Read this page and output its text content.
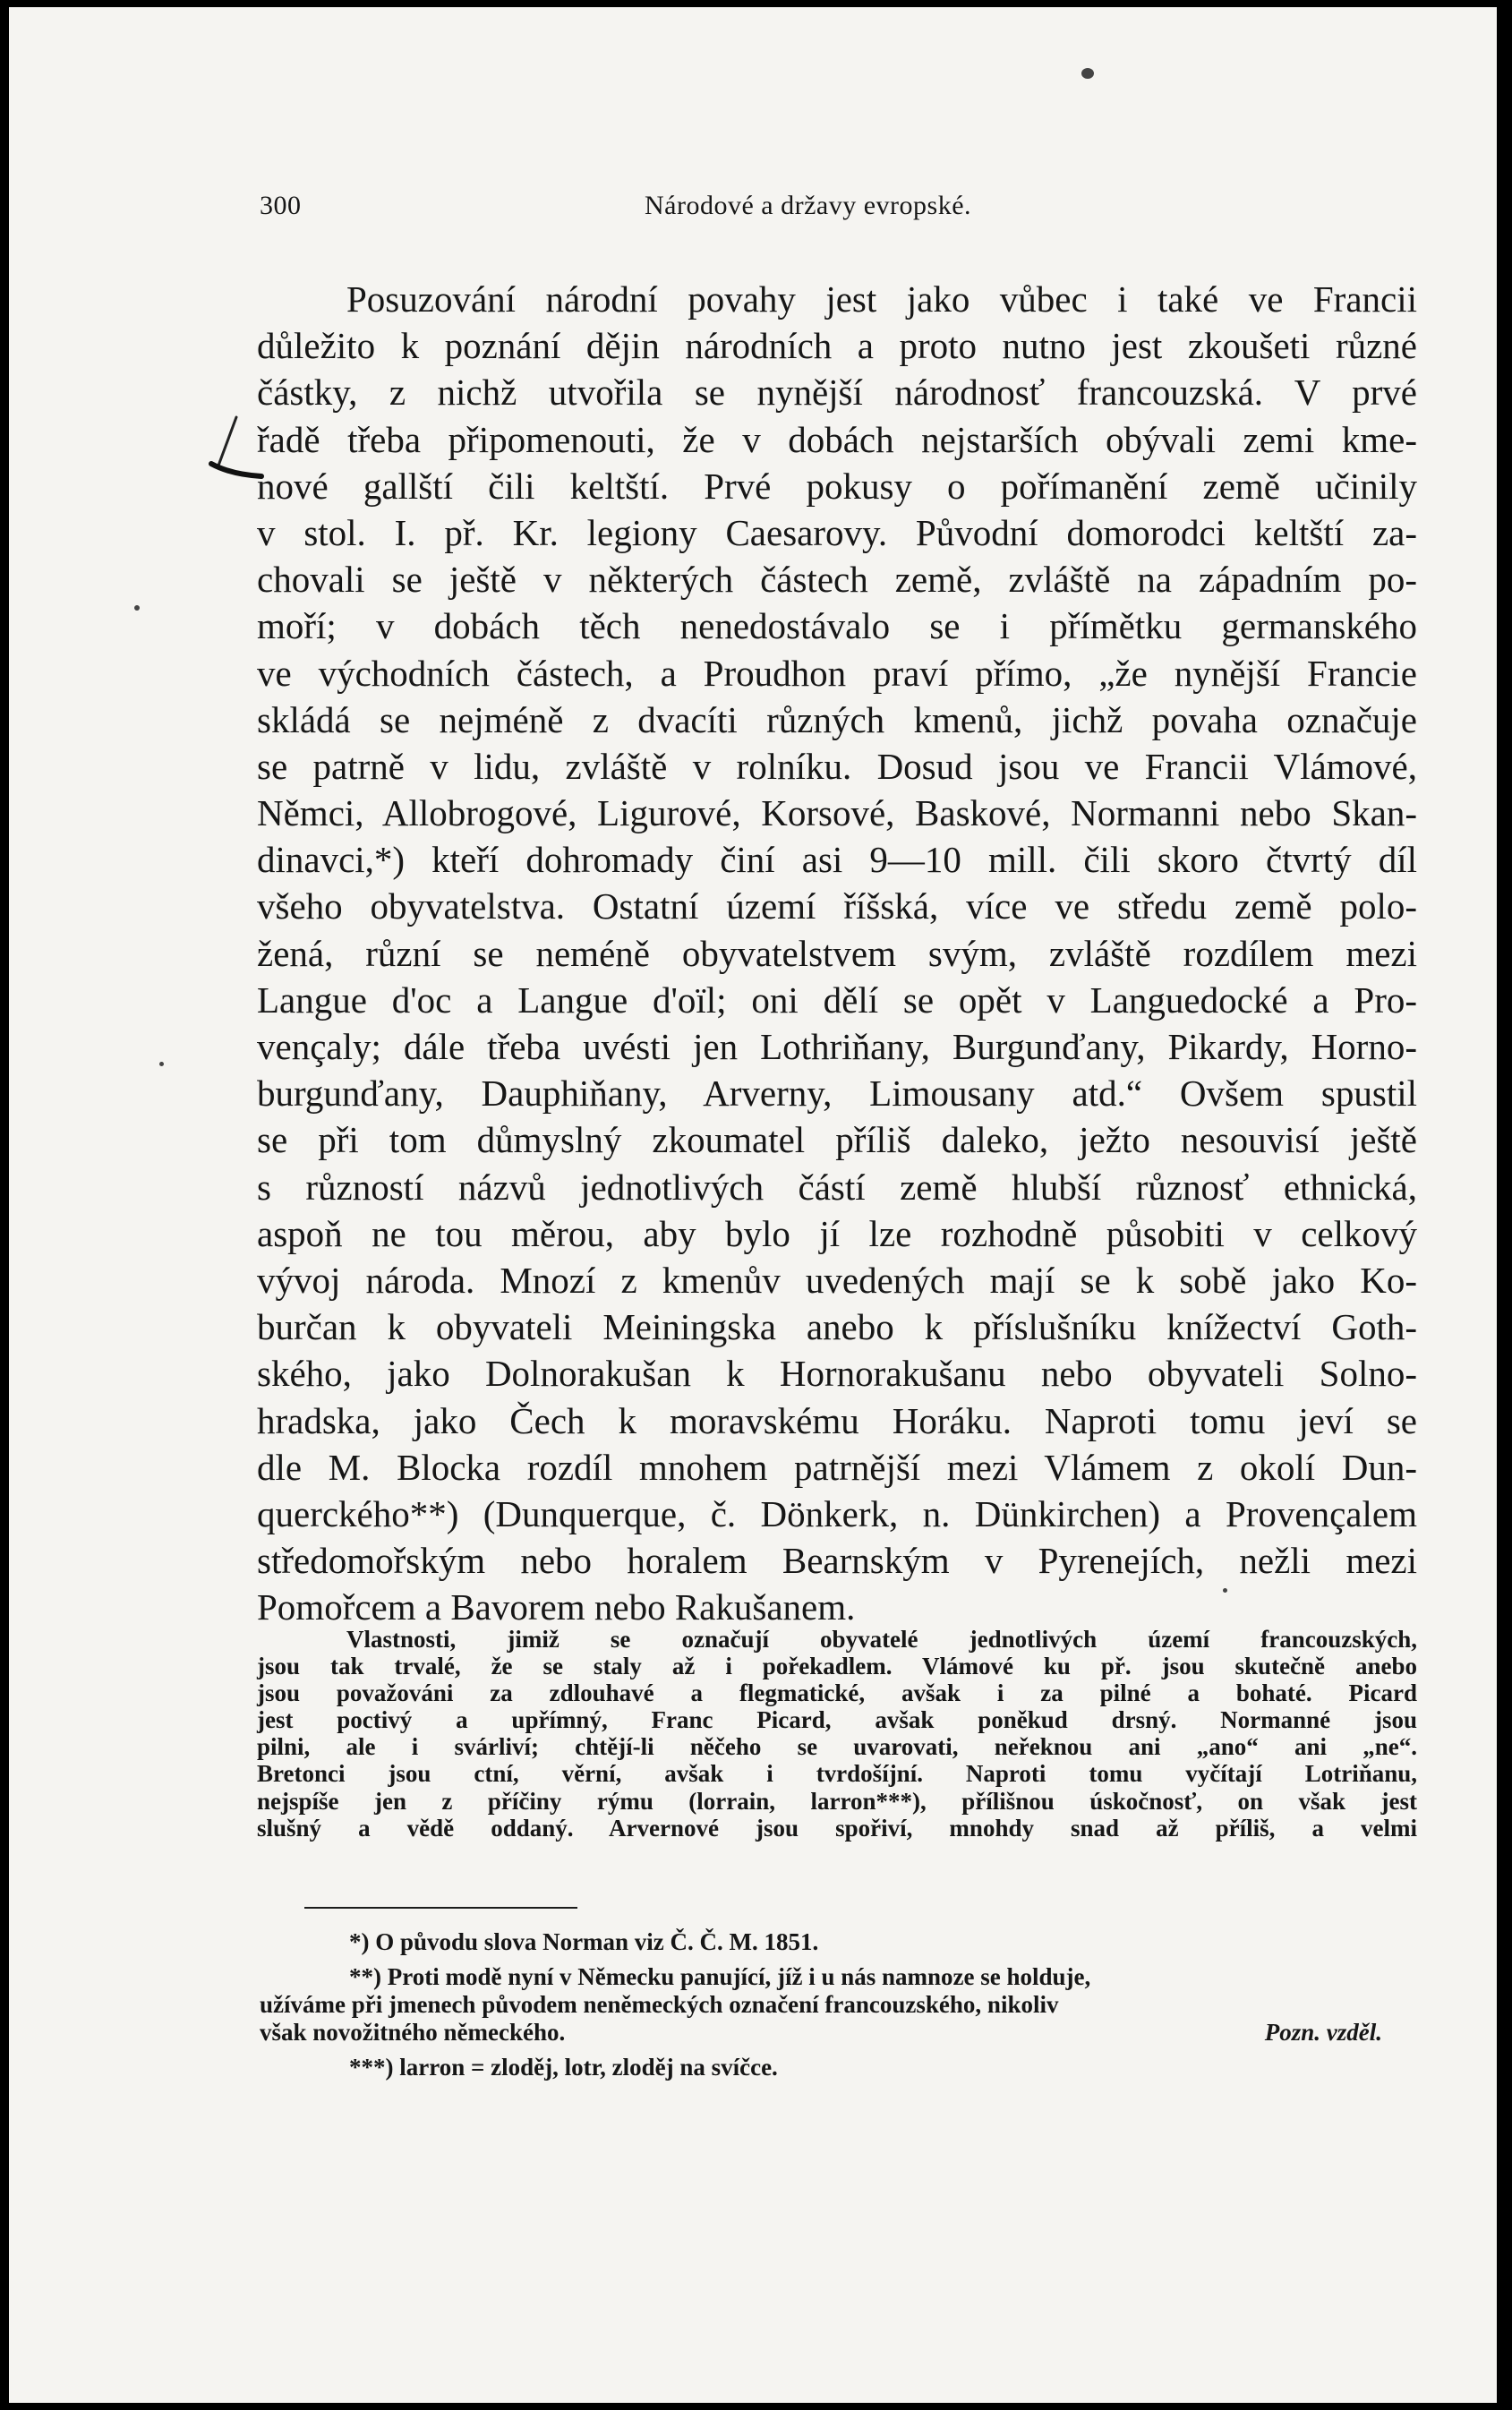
300	Národové a državy evropské.
Posuzování národní povahy jest jako vůbec i také ve Francii
důležito k poznání dějin národních a proto nutno jest zkoušeti různé
částky, z nichž utvořila se nynější národnosť francouzská. V prvé
řadě třeba připomenouti, že v dobách nejstarších obývali zemi kme-
nové gallští čili keltští. Prvé pokusy o pořímanění země učinily
v stol. I. př. Kr. legiony Caesarovy. Původní domorodci keltští za-
chovali se ještě v některých částech země, zvláště na západním po-
moří; v dobách těch nenedostávalo se i přímětku germanského
ve východních částech, a Proudhon praví přímo, „že nynější Francie
skládá se nejméně z dvacíti různých kmenů, jichž povaha označuje
se patrně v lidu, zvláště v rolníku. Dosud jsou ve Francii Vlámové,
Němci, Allobrogové, Ligurové, Korsové, Baskové, Normanni nebo Skan-
dinavci,*) kteří dohromady činí asi 9—10 mill. čili skoro čtvrtý díl
všeho obyvatelstva. Ostatní území říšská, více ve středu země polo-
žená, různí se neméně obyvatelstvem svým, zvláště rozdílem mezi
Langue d'oc a Langue d'oïl; oni dělí se opět v Languedocké a Pro-
vençaly; dále třeba uvésti jen Lothriňany, Burgunďany, Pikardy, Horno-
burgunďany, Dauphiňany, Arverny, Limousany atd.“ Ovšem spustil
se při tom důmyslný zkoumatel příliš daleko, ježto nesouvisí ještě
s růzností názvů jednotlivých částí země hlubší různosť ethnická,
aspoň ne tou měrou, aby bylo jí lze rozhodně působiti v celkový
vývoj národa. Mnozí z kmenův uvedených mají se k sobě jako Ko-
burčan k obyvateli Meiningska anebo k příslušníku knížectví Goth-
ského, jako Dolnorakušan k Hornorakušanu nebo obyvateli Solno-
hradska, jako Čech k moravskému Horáku. Naproti tomu jeví se
dle M. Blocka rozdíl mnohem patrnější mezi Vlámem z okolí Dun-
querckého**) (Dunquerque, č. Dönkerk, n. Dünkirchen) a Provençalem
středomořským nebo horalem Bearnským v Pyrenejích, nežli mezi
Pomořcem a Bavorem nebo Rakušanem.
Vlastnosti, jimiž se označují obyvatelé jednotlivých území francouzských,
jsou tak trvalé, že se staly až i pořekadlem. Vlámové ku př. jsou skutečně anebo
jsou považováni za zdlouhavé a flegmatické, avšak i za pilné a bohaté. Picard
jest poctivý a upřímný, Franc Picard, avšak poněkud drsný. Normanné jsou
pilni, ale i svárliví; chtějí-li něčeho se uvarovati, neřeknou ani „ano“ ani „ne“.
Bretonci jsou ctní, věrní, avšak i tvrdošíjní. Naproti tomu vyčítají Lotriňanu,
nejspíše jen z příčiny rýmu (lorrain, larron***), přílišnou úskočnosť, on však jest
slušný a vědě oddaný. Arvernové jsou spořiví, mnohdy snad až příliš, a velmi
*) O původu slova Norman viz Č. Č. M. 1851.
**) Proti modě nyní v Německu panující, jíž i u nás namnoze se holduje,
užíváme při jmenech původem neněmeckých označení francouzského, nikoliv
však novožitného německého.	Pozn. vzděl.
***) larron = zloděj, lotr, zloděj na svíčce.
